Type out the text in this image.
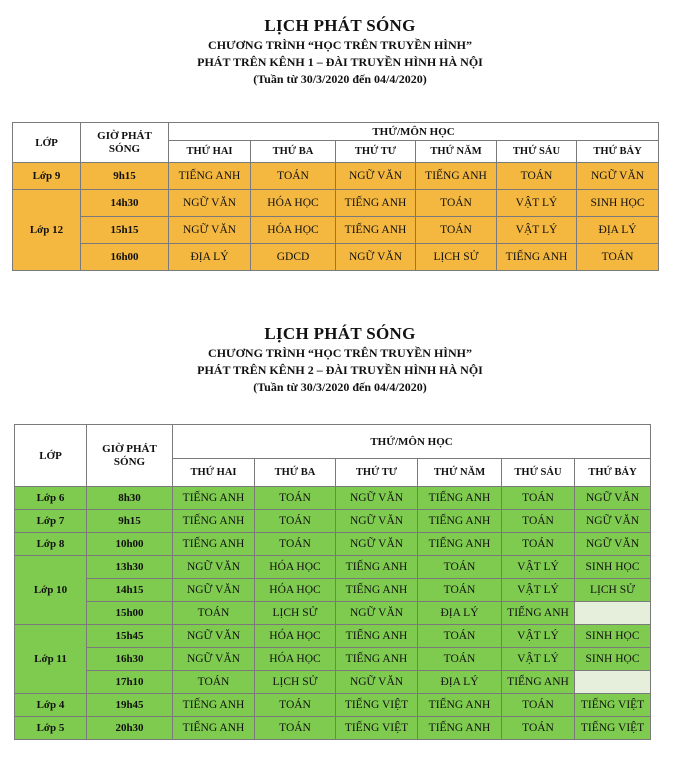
LỊCH PHÁT SÓNG
CHƯƠNG TRÌNH “HỌC TRÊN TRUYỀN HÌNH”
PHÁT TRÊN KÊNH 1 – ĐÀI TRUYỀN HÌNH HÀ NỘI
(Tuần từ 30/3/2020 đến 04/4/2020)
LỚP	GIỜ PHÁT SÓNG	THỨ/MÔN HỌC					
		THỨ HAI	THỨ BA	THỨ TƯ	THỨ NĂM	THỨ SÁU	THỨ BẢY
Lớp 9	9h15	TIẾNG ANH	TOÁN	NGỮ VĂN	TIẾNG ANH	TOÁN	NGỮ VĂN
Lớp 12	14h30	NGỮ VĂN	HÓA HỌC	TIẾNG ANH	TOÁN	VẬT LÝ	SINH HỌC
	15h15	NGỮ VĂN	HÓA HỌC	TIẾNG ANH	TOÁN	VẬT LÝ	ĐỊA LÝ
	16h00	ĐỊA LÝ	GDCD	NGỮ VĂN	LỊCH SỬ	TIẾNG ANH	TOÁN
LỊCH PHÁT SÓNG
CHƯƠNG TRÌNH “HỌC TRÊN TRUYỀN HÌNH”
PHÁT TRÊN KÊNH 2 – ĐÀI TRUYỀN HÌNH HÀ NỘI
(Tuần từ 30/3/2020 đến 04/4/2020)
LỚP	GIỜ PHÁT SÓNG	THỨ/MÔN HỌC					
		THỨ HAI	THỨ BA	THỨ TƯ	THỨ NĂM	THỨ SÁU	THỨ BẢY
Lớp 6	8h30	TIẾNG ANH	TOÁN	NGỮ VĂN	TIẾNG ANH	TOÁN	NGỮ VĂN
Lớp 7	9h15	TIẾNG ANH	TOÁN	NGỮ VĂN	TIẾNG ANH	TOÁN	NGỮ VĂN
Lớp 8	10h00	TIẾNG ANH	TOÁN	NGỮ VĂN	TIẾNG ANH	TOÁN	NGỮ VĂN
Lớp 10	13h30	NGỮ VĂN	HÓA HỌC	TIẾNG ANH	TOÁN	VẬT LÝ	SINH HỌC
	14h15	NGỮ VĂN	HÓA HỌC	TIẾNG ANH	TOÁN	VẬT LÝ	LỊCH SỬ
	15h00	TOÁN	LỊCH SỬ	NGỮ VĂN	ĐỊA LÝ	TIẾNG ANH	
Lớp 11	15h45	NGỮ VĂN	HÓA HỌC	TIẾNG ANH	TOÁN	VẬT LÝ	SINH HỌC
	16h30	NGỮ VĂN	HÓA HỌC	TIẾNG ANH	TOÁN	VẬT LÝ	SINH HỌC
	17h10	TOÁN	LỊCH SỬ	NGỮ VĂN	ĐỊA LÝ	TIẾNG ANH	
Lớp 4	19h45	TIẾNG ANH	TOÁN	TIẾNG VIỆT	TIẾNG ANH	TOÁN	TIẾNG VIỆT
Lớp 5	20h30	TIẾNG ANH	TOÁN	TIẾNG VIỆT	TIẾNG ANH	TOÁN	TIẾNG VIỆT
